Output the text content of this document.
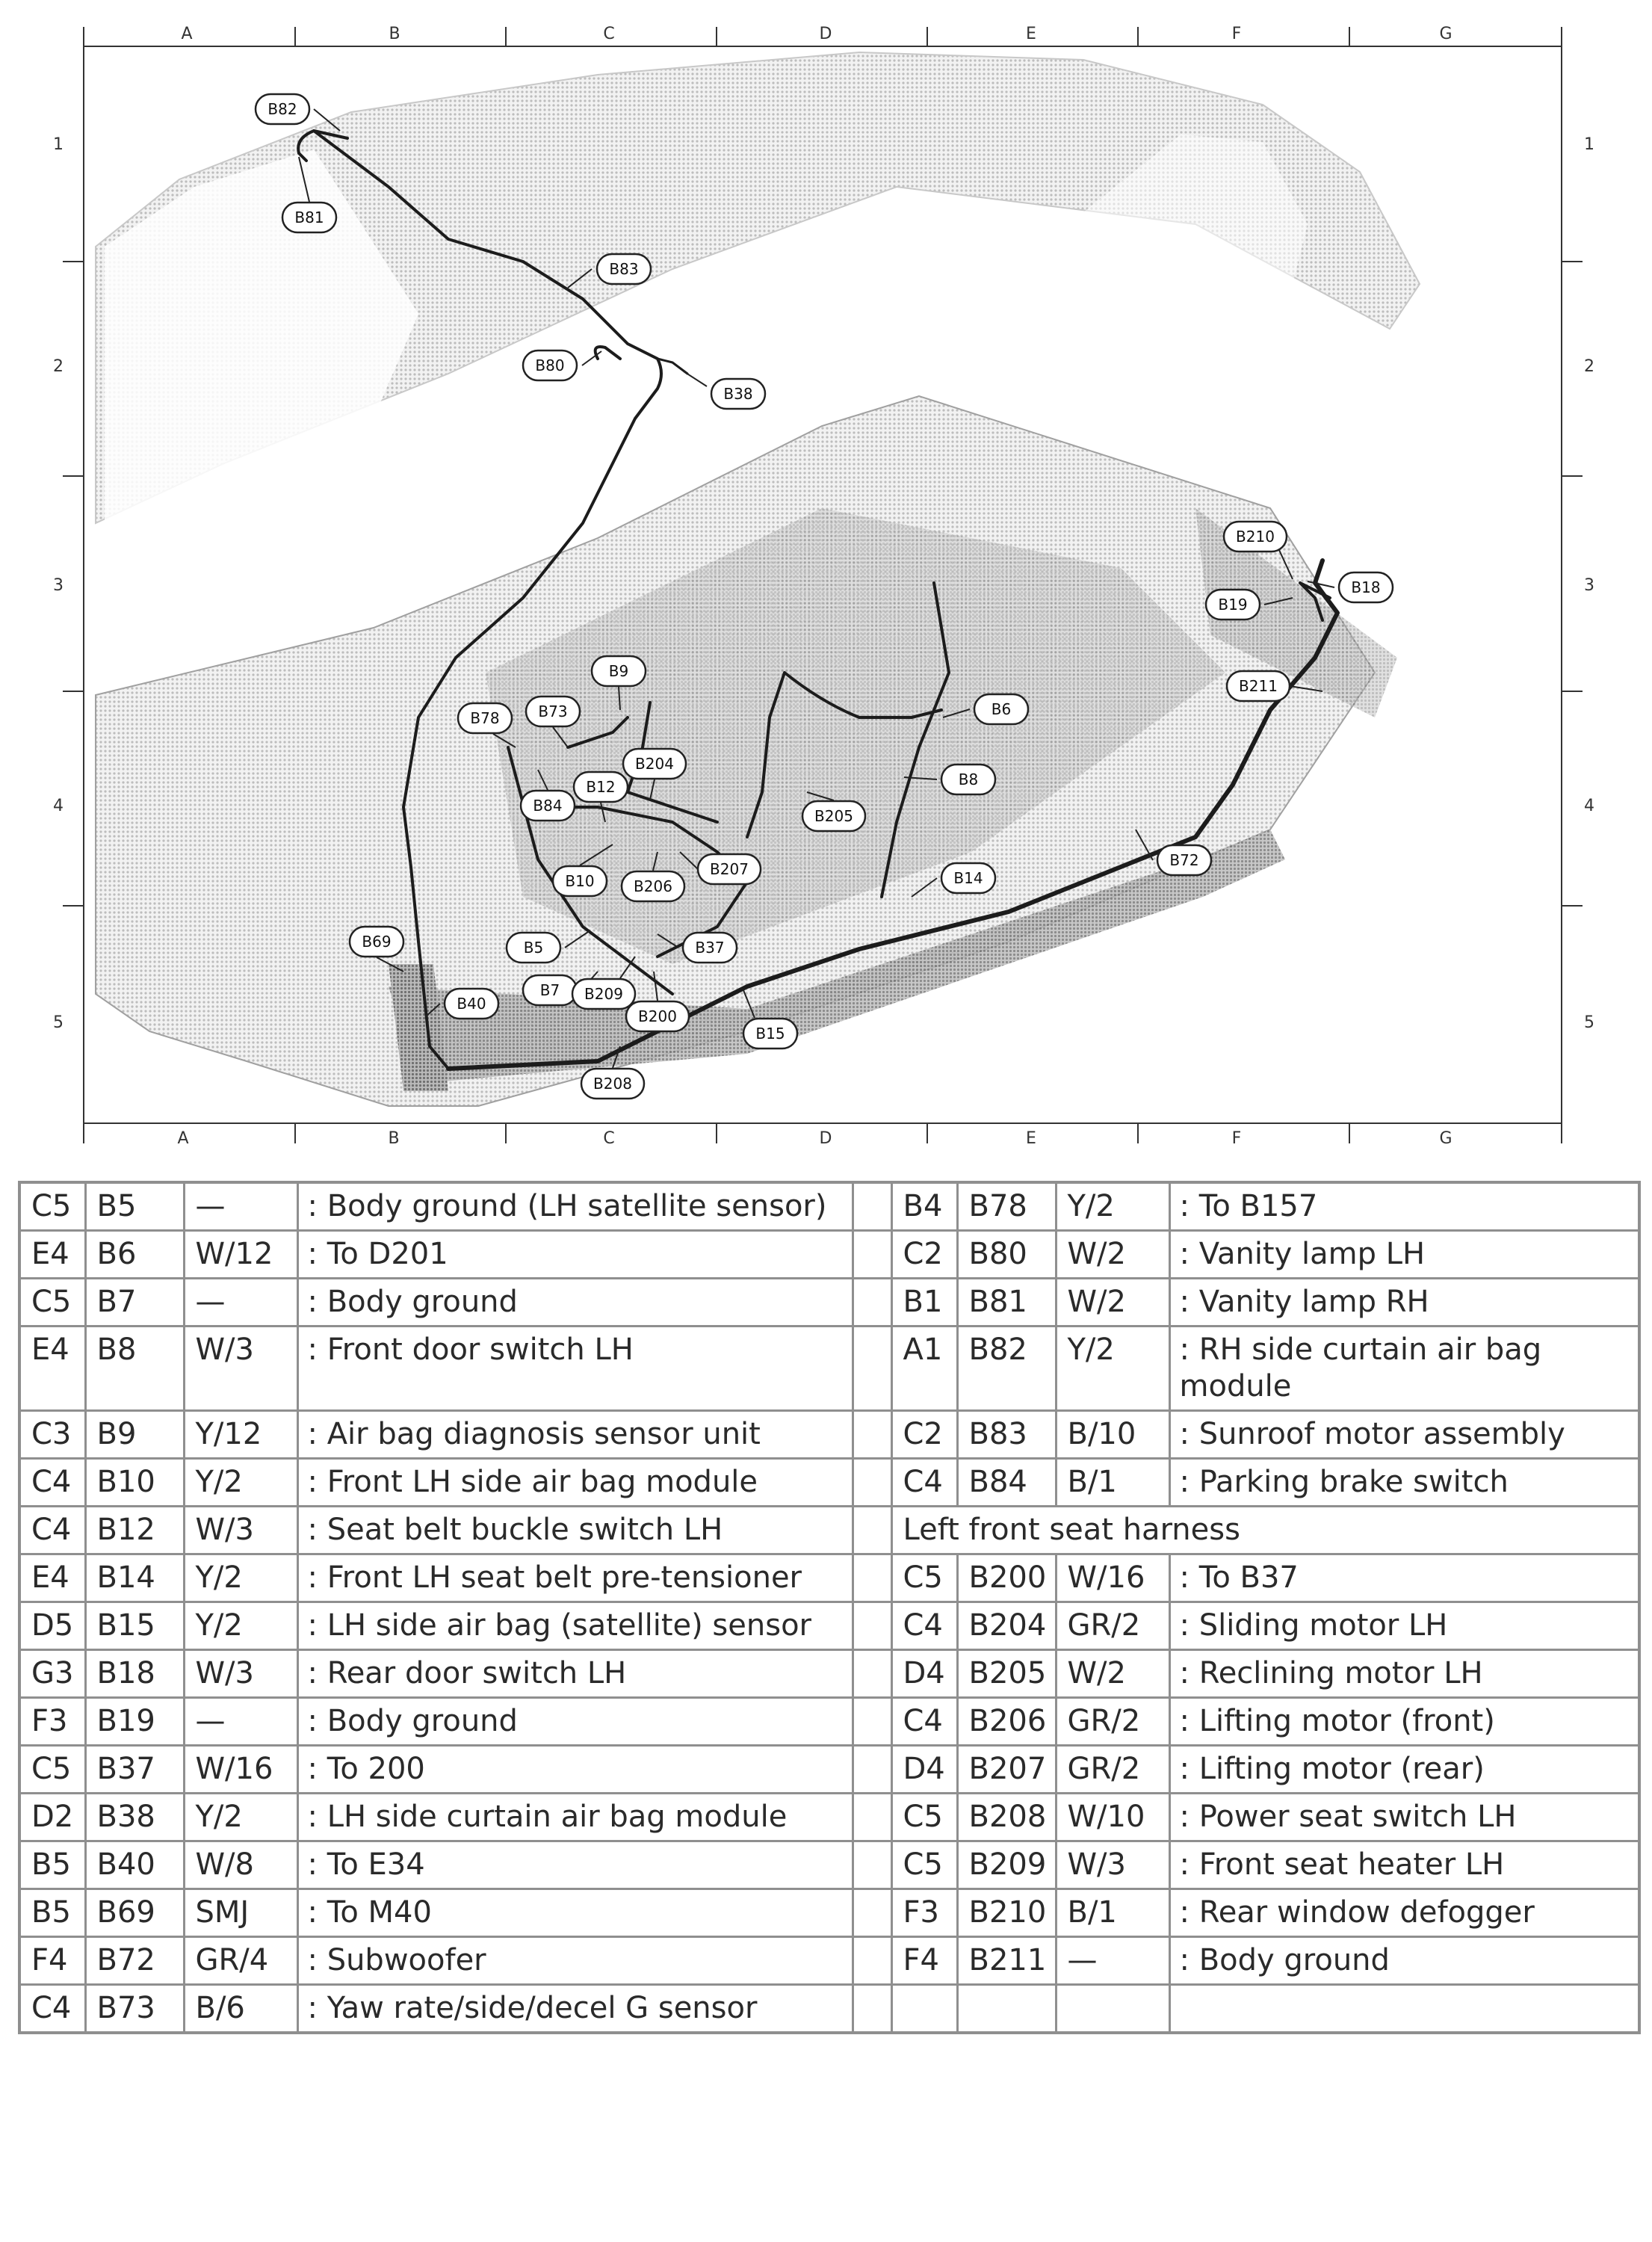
A	B	C	D	E	F	G
A	B	C	D	E	F	G
1
2
3
4
5
1
2
3
4
5
B82
B81
B83
B80
B38
B210
B18
B19
B211
B9
B6
B78	B73
B204
B12	B8
B84
B205
B72
B207
B10	B206	B14
B69	B5	B37
B7 B209
B40
B200
B15
B208
C5	B5	—	: Body ground (LH satellite sensor)		B4	B78	Y/2	: To B157
E4	B6	W/12	: To D201		C2	B80	W/2	: Vanity lamp LH
C5	B7	—	: Body ground		B1	B81	W/2	: Vanity lamp RH
E4	B8	W/3	: Front door switch LH		A1	B82	Y/2	: RH side curtain air bag module
C3	B9	Y/12	: Air bag diagnosis sensor unit		C2	B83	B/10	: Sunroof motor assembly
C4	B10	Y/2	: Front LH side air bag module		C4	B84	B/1	: Parking brake switch
C4	B12	W/3	: Seat belt buckle switch LH		Left front seat harness			
E4	B14	Y/2	: Front LH seat belt pre-tensioner		C5	B200	W/16	: To B37
D5	B15	Y/2	: LH side air bag (satellite) sensor		C4	B204	GR/2	: Sliding motor LH
G3	B18	W/3	: Rear door switch LH		D4	B205	W/2	: Reclining motor LH
F3	B19	—	: Body ground		C4	B206	GR/2	: Lifting motor (front)
C5	B37	W/16	: To 200		D4	B207	GR/2	: Lifting motor (rear)
D2	B38	Y/2	: LH side curtain air bag module		C5	B208	W/10	: Power seat switch LH
B5	B40	W/8	: To E34		C5	B209	W/3	: Front seat heater LH
B5	B69	SMJ	: To M40		F3	B210	B/1	: Rear window defogger
F4	B72	GR/4	: Subwoofer		F4	B211	—	: Body ground
C4	B73	B/6	: Yaw rate/side/decel G sensor					
